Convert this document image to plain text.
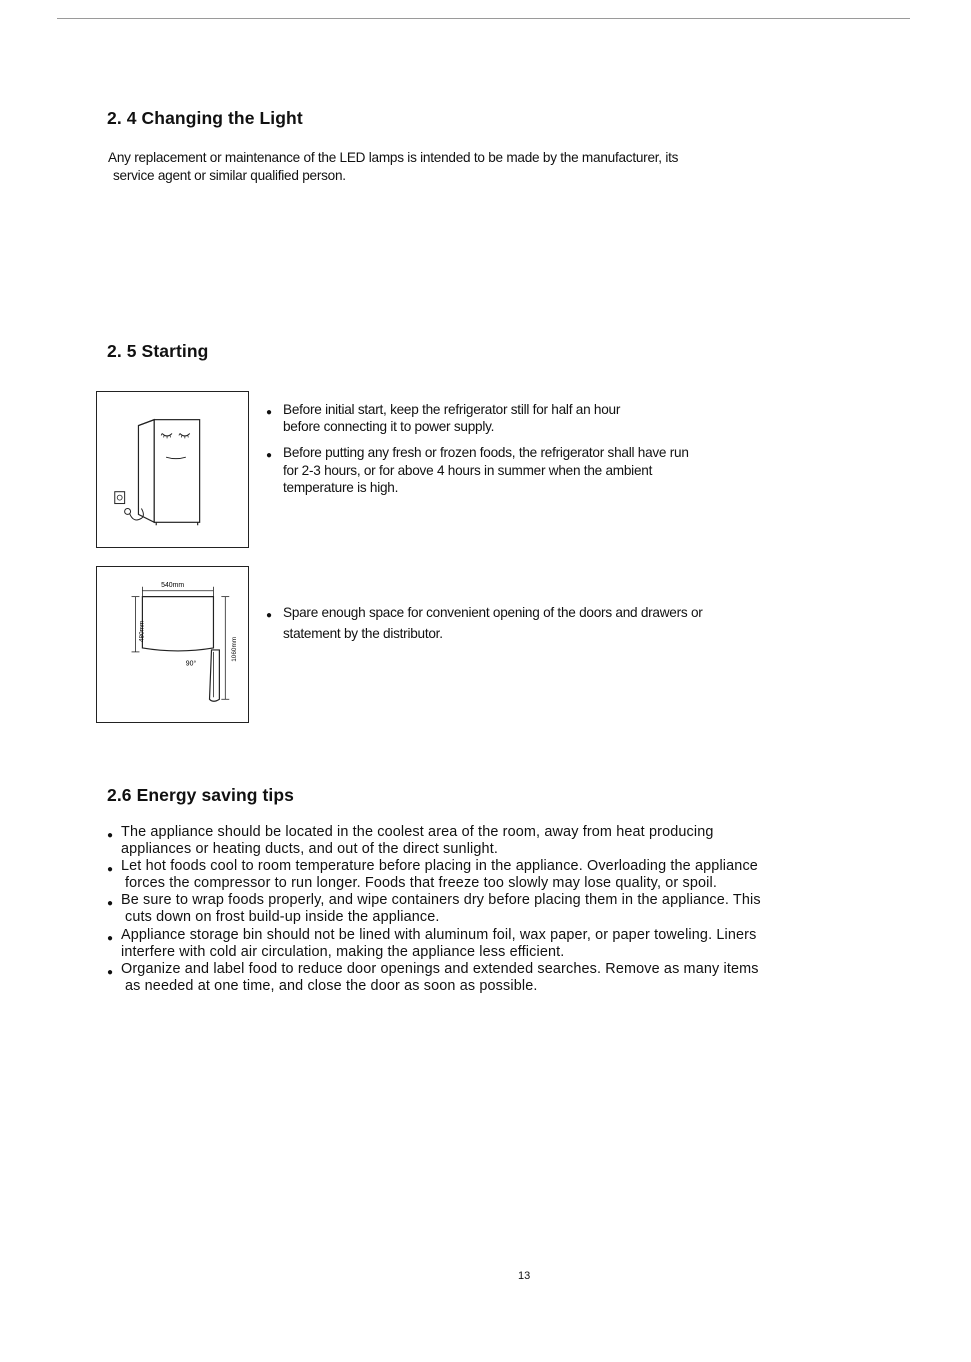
2. 4 Changing the Light

Any replacement or maintenance of the LED lamps is intended to be made by the manufacturer, its
service agent or similar qualified person.

2. 5 Starting
● Before initial start, keep the refrigerator still for half an hour
before connecting it to power supply.
● Before putting any fresh or frozen foods, the refrigerator shall have run
for 2-3 hours, or for above 4 hours in summer when the ambient
temperature is high.
540mm
480mm
1060mm
90°
● Spare enough space for convenient opening of the doors and drawers or
statement by the distributor.
2.6 Energy saving tips
● The appliance should be located in the coolest area of the room, away from heat producing
appliances or heating ducts, and out of the direct sunlight.
● Let hot foods cool to room temperature before placing in the appliance. Overloading the appliance
forces the compressor to run longer. Foods that freeze too slowly may lose quality, or spoil.
● Be sure to wrap foods properly, and wipe containers dry before placing them in the appliance. This
cuts down on frost build-up inside the appliance.
● Appliance storage bin should not be lined with aluminum foil, wax paper, or paper toweling. Liners
interfere with cold air circulation, making the appliance less efficient.
● Organize and label food to reduce door openings and extended searches. Remove as many items
as needed at one time, and close the door as soon as possible.
13
